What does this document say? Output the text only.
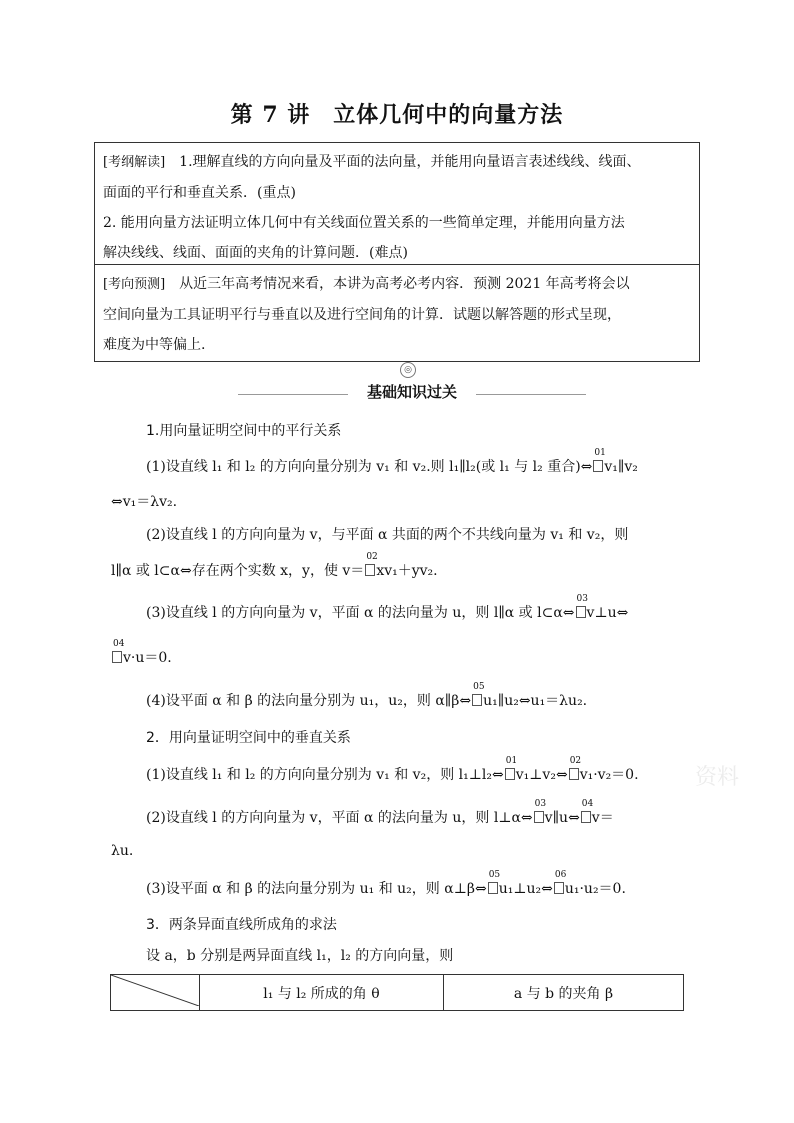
第 7 讲　立体几何中的向量方法
[考纲解读]　1.理解直线的方向向量及平面的法向量，并能用向量语言表述线线、线面、
面面的平行和垂直关系．(重点)
2. 能用向量方法证明立体几何中有关线面位置关系的一些简单定理，并能用向量方法
解决线线、线面、面面的夹角的计算问题．(难点)
[考向预测]　从近三年高考情况来看，本讲为高考必考内容．预测 2021 年高考将会以
空间向量为工具证明平行与垂直以及进行空间角的计算．试题以解答题的形式呈现，
难度为中等偏上.
◎
基础知识过关
1.用向量证明空间中的平行关系
(1)设直线 l₁ 和 l₂ 的方向向量分别为 v₁ 和 v₂.则 l₁∥l₂(或 l₁ 与 l₂ 重合)⇔
01
v₁∥v₂
⇔v₁＝λv₂.
(2)设直线 l 的方向向量为 v，与平面 α 共面的两个不共线向量为 v₁ 和 v₂，则
l∥α 或 l⊂α⇔存在两个实数 x，y，使 v＝
02
xv₁＋yv₂.
(3)设直线 l 的方向向量为 v，平面 α 的法向量为 u，则 l∥α 或 l⊂α⇔
03
v⊥u⇔
04
v·u＝0.
(4)设平面 α 和 β 的法向量分别为 u₁，u₂，则 α∥β⇔
05
u₁∥u₂⇔u₁＝λu₂.
2．用向量证明空间中的垂直关系
(1)设直线 l₁ 和 l₂ 的方向向量分别为 v₁ 和 v₂，则 l₁⊥l₂⇔
01
v₁⊥v₂⇔
02
v₁·v₂＝0.
(2)设直线 l 的方向向量为 v，平面 α 的法向量为 u，则 l⊥α⇔
03
v∥u⇔
04
v＝
λu.
(3)设平面 α 和 β 的法向量分别为 u₁ 和 u₂，则 α⊥β⇔
05
u₁⊥u₂⇔
06
u₁·u₂＝0.
3．两条异面直线所成角的求法
设 a，b 分别是两异面直线 l₁，l₂ 的方向向量，则
	l₁ 与 l₂ 所成的角 θ	a 与 b 的夹角 β
资料
